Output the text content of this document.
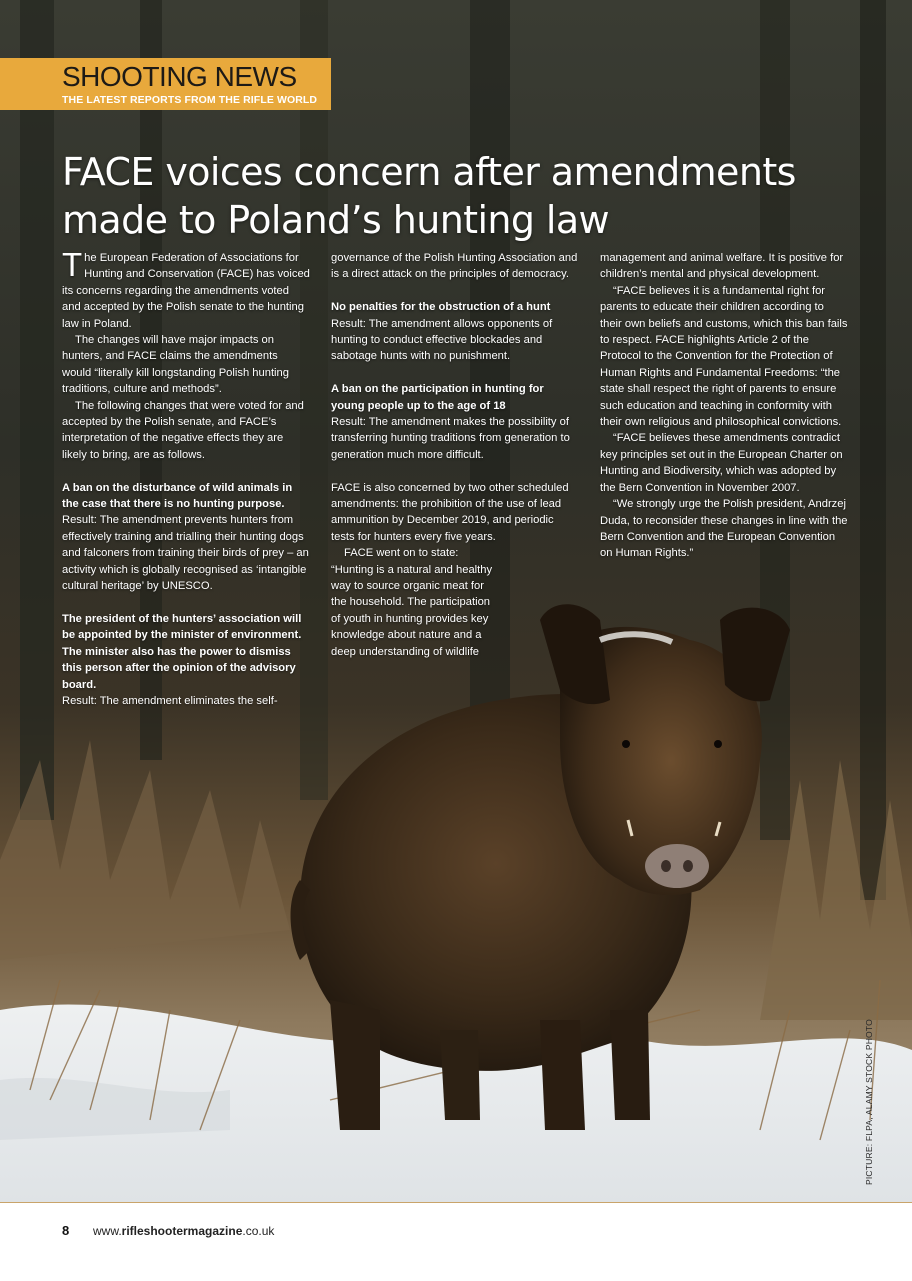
SHOOTING NEWS
THE LATEST REPORTS FROM THE RIFLE WORLD
FACE voices concern after amendments made to Poland’s hunting law

The European Federation of Associations for Hunting and Conservation (FACE) has voiced its concerns regarding the amendments voted and accepted by the Polish senate to the hunting law in Poland.

The changes will have major impacts on hunters, and FACE claims the amendments would “literally kill longstanding Polish hunting traditions, culture and methods”.

The following changes that were voted for and accepted by the Polish senate, and FACE’s interpretation of the negative effects they are likely to bring, are as follows.

A ban on the disturbance of wild animals in the case that there is no hunting purpose.

Result: The amendment prevents hunters from effectively training and trialling their hunting dogs and falconers from training their birds of prey – an activity which is globally recognised as ‘intangible cultural heritage’ by UNESCO.

The president of the hunters’ association will be appointed by the minister of environment. The minister also has the power to dismiss this person after the opinion of the advisory board.

Result: The amendment eliminates the self-

governance of the Polish Hunting Association and is a direct attack on the principles of democracy.

No penalties for the obstruction of a hunt

Result: The amendment allows opponents of hunting to conduct effective blockades and sabotage hunts with no punishment.

A ban on the participation in hunting for young people up to the age of 18

Result: The amendment makes the possibility of transferring hunting traditions from generation to generation much more difficult.

FACE is also concerned by two other scheduled amendments: the prohibition of the use of lead ammunition by December 2019, and periodic tests for hunters every five years.

FACE went on to state: “Hunting is a natural and healthy way to source organic meat for the household. The participation of youth in hunting provides key knowledge about nature and a deep understanding of wildlife

management and animal welfare. It is positive for children’s mental and physical development.

“FACE believes it is a fundamental right for parents to educate their children according to their own beliefs and customs, which this ban fails to respect. FACE highlights Article 2 of the Protocol to the Convention for the Protection of Human Rights and Fundamental Freedoms: “the state shall respect the right of parents to ensure such education and teaching in conformity with their own religious and philosophical convictions.

“FACE believes these amendments contradict key principles set out in the European Charter on Hunting and Biodiversity, which was adopted by the Bern Convention in November 2007.

“We strongly urge the Polish president, Andrzej Duda, to reconsider these changes in line with the Bern Convention and the European Convention on Human Rights.”

PICTURE: FLPA, ALAMY STOCK PHOTO
8 www.rifleshootermagazine.co.uk
